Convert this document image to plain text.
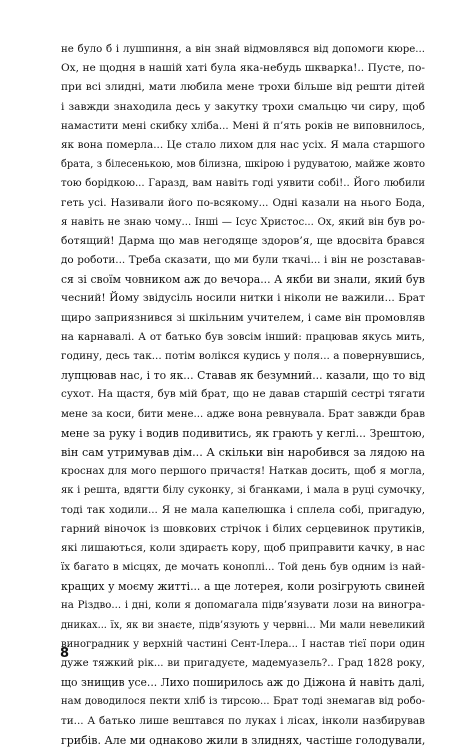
не було б і лушпиння, а він знай відмовлявся від допомоги кюре...
Ох, не щодня в нашій хаті була яка-небудь шкварка!.. Пусте, по-
при всі злидні, мати любила мене трохи більше від решти дітей
і завжди знаходила десь у закутку трохи смальцю чи сиру, щоб
намастити мені скибку хліба... Мені й п’ять років не виповнилось,
як вона померла... Це стало лихом для нас усіх. Я мала старшого
брата, з білесенькою, мов білизна, шкірою і рудуватою, майже жовто
тою борідкою... Гаразд, вам навіть годі уявити собі!.. Його любили
геть усі. Називали його по-всякому... Одні казали на нього Бода,
я навіть не знаю чому... Інші — Ісус Христос... Ох, який він був ро-
ботящий! Дарма що мав негодяще здоров’я, ще вдосвіта брався
до роботи... Треба сказати, що ми були ткачі... і він не розставав-
ся зі своїм човником аж до вечора... А якби ви знали, який був
чесний! Йому звідусіль носили нитки і ніколи не важили... Брат
щиро заприязнився зі шкільним учителем, і саме він промовляв
на карнавалі. А от батько був зовсім інший: працював якусь мить,
годину, десь так... потім волікся кудись у поля... а повернувшись,
лупцював нас, і то як... Ставав як безумний... казали, що то від
сухот. На щастя, був мій брат, що не давав старшій сестрі тягати
мене за коси, бити мене... адже вона ревнувала. Брат завжди брав
мене за руку і водив подивитись, як грають у кеглі... Зрештою,
він сам утримував дім... А скільки він наробився за лядою на
кроснах для мого першого причастя! Наткав досить, щоб я могла,
як і решта, вдягти білу суконку, зі бганками, і мала в руці сумочку,
тоді так ходили... Я не мала капелюшка і сплела собі, пригадую,
гарний віночок із шовкових стрічок і білих серцевинок прутиків,
які лишаються, коли здираєть кору, щоб приправити качку, в нас
їх багато в місцях, де мочать коноплі... Той день був одним із най-
кращих у моєму житті... а ще лотерея, коли розігрують свиней
на Різдво... і дні, коли я допомагала підв’язувати лози на виногра-
дниках... їх, як ви знаєте, підв’язують у червні... Ми мали невеликий
виноградник у верхній частині Сент-Ілера... І настав тієї пори один
дуже тяжкий рік... ви пригадуєте, мадемуазель?.. Град 1828 року,
що знищив усе... Лихо поширилось аж до Діжона й навіть далі,
нам доводилося пекти хліб із тирсою... Брат тоді знемагав від робо-
ти... А батько лише вештався по луках і лісах, інколи назбирував
грибів. Але ми однаково жили в злиднях, частіше голодували,
8
